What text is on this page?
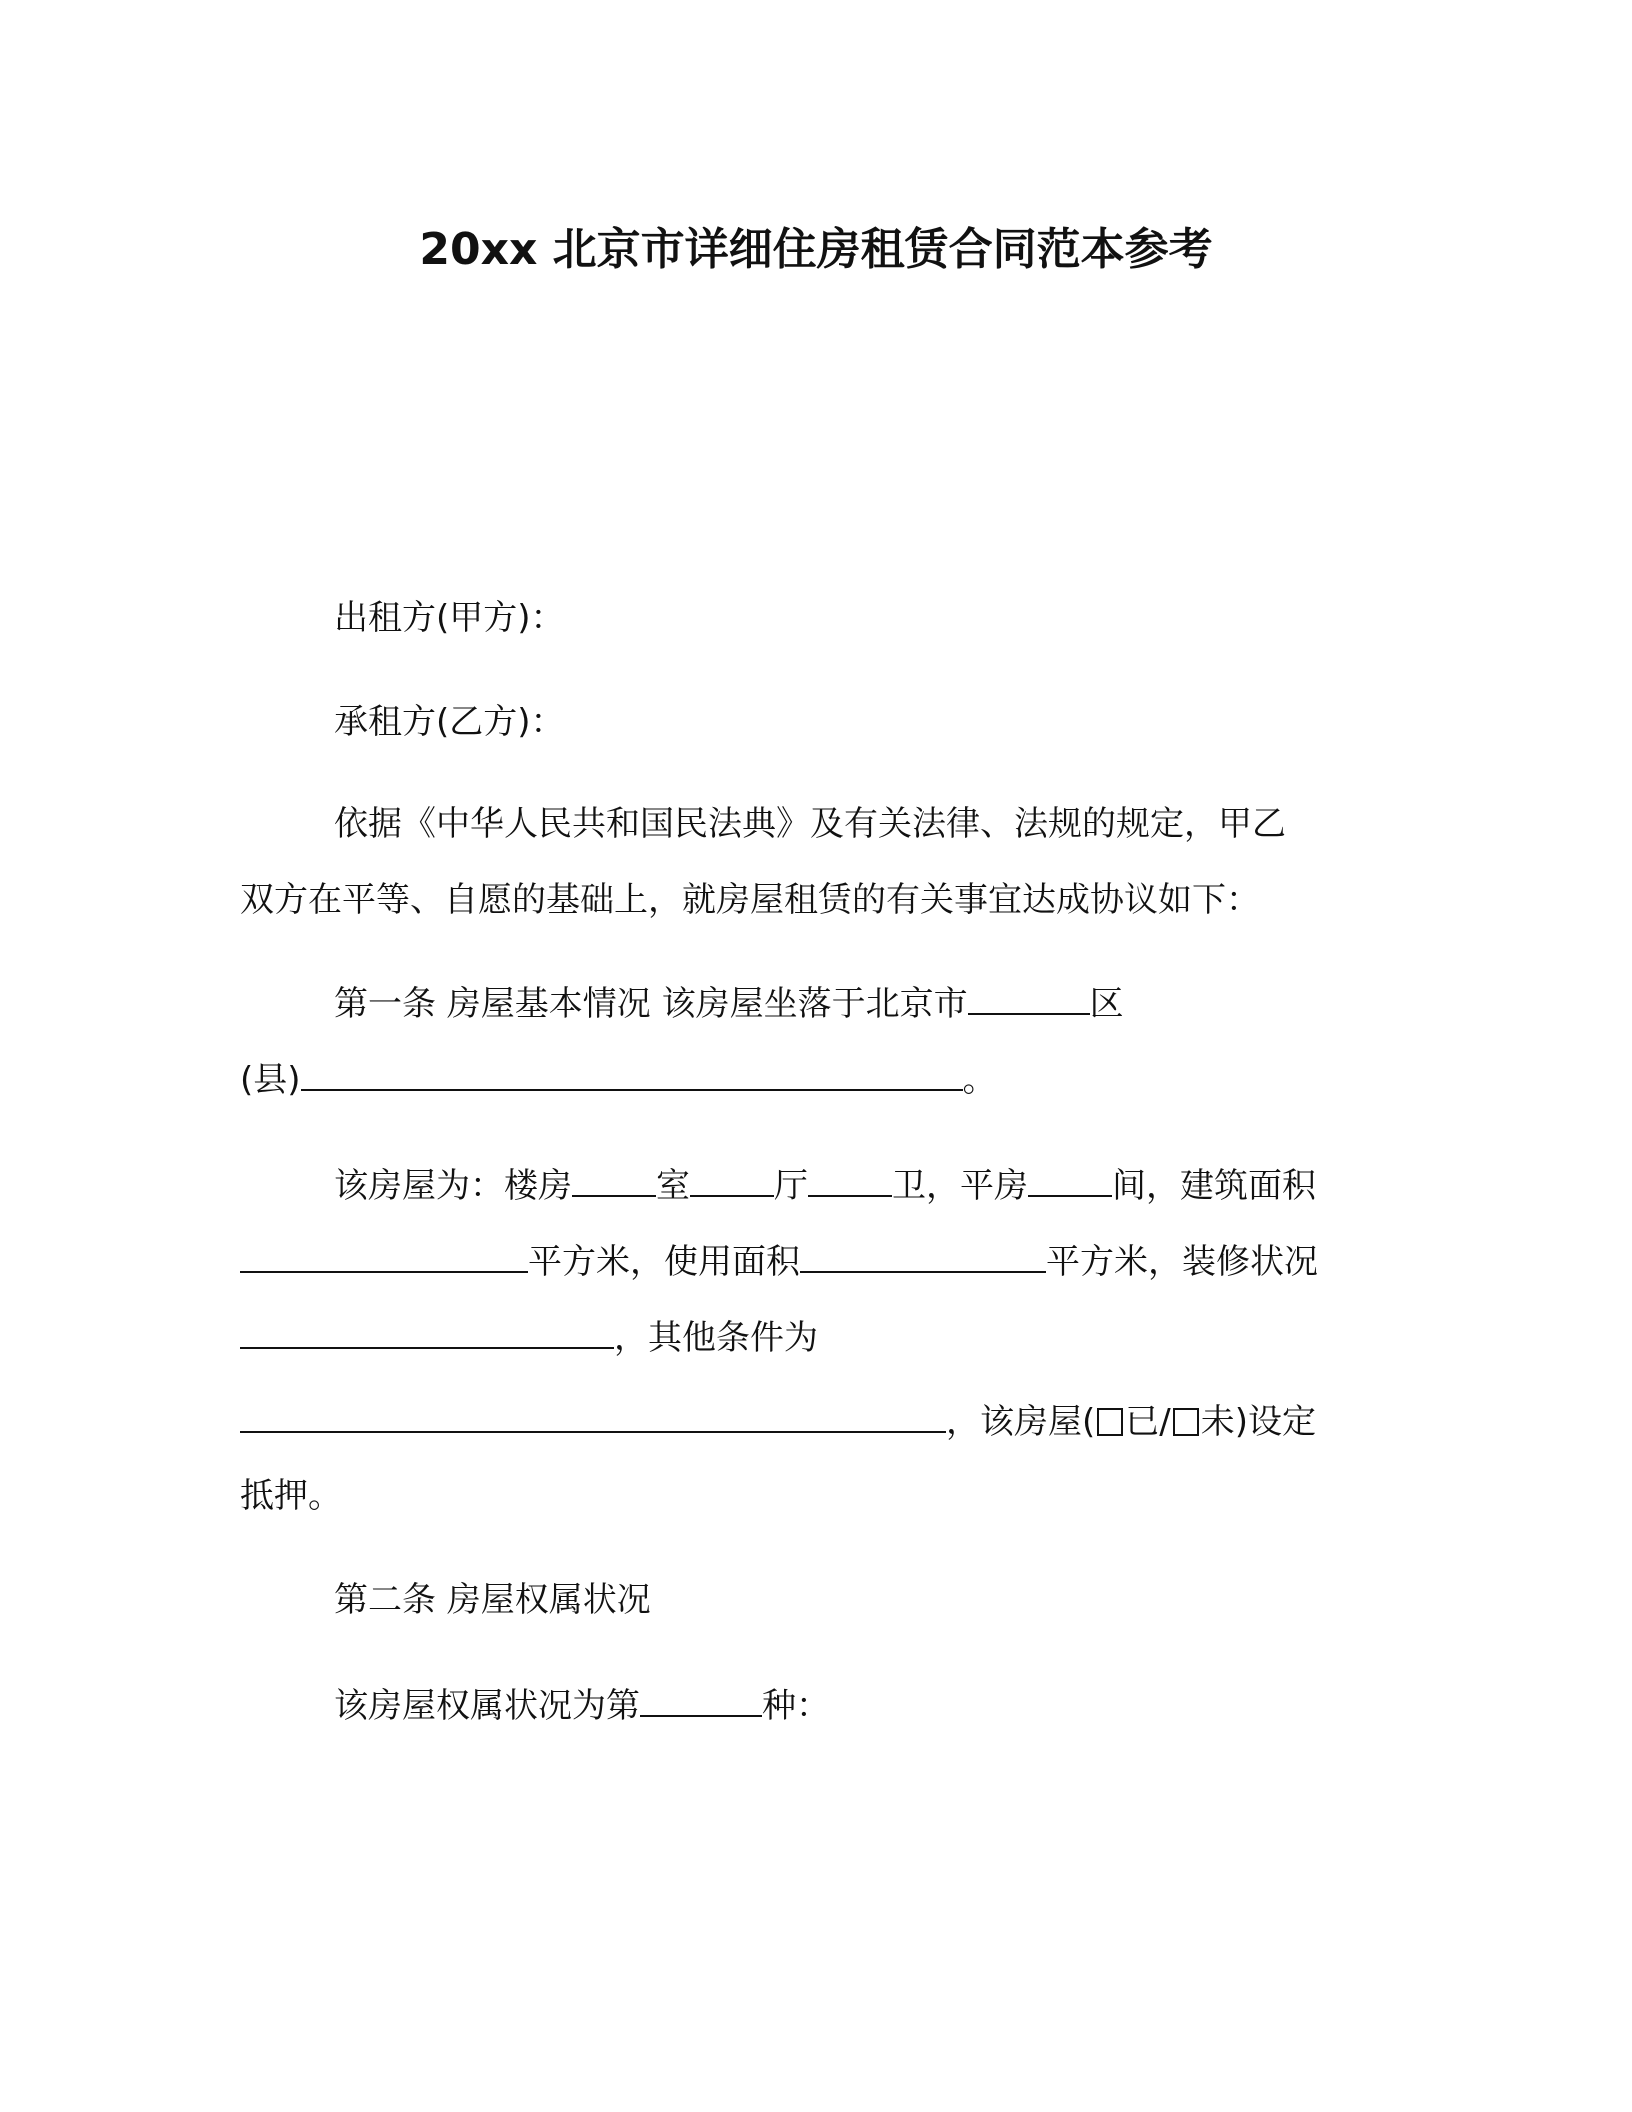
20xx 北京市详细住房租赁合同范本参考
出租方(甲方)：
承租方(乙方)：
依据《中华人民共和国民法典》及有关法律、法规的规定，甲乙
双方在平等、自愿的基础上，就房屋租赁的有关事宜达成协议如下：
第一条 房屋基本情况 该房屋坐落于北京市	区
(县)	。
该房屋为：楼房 室 厅 卫，平房 间，建筑面积
平方米，使用面积	平方米，装修状况
，其他条件为
，该房屋( 已/ 未)设定
抵押。
第二条 房屋权属状况
该房屋权属状况为第	种：
